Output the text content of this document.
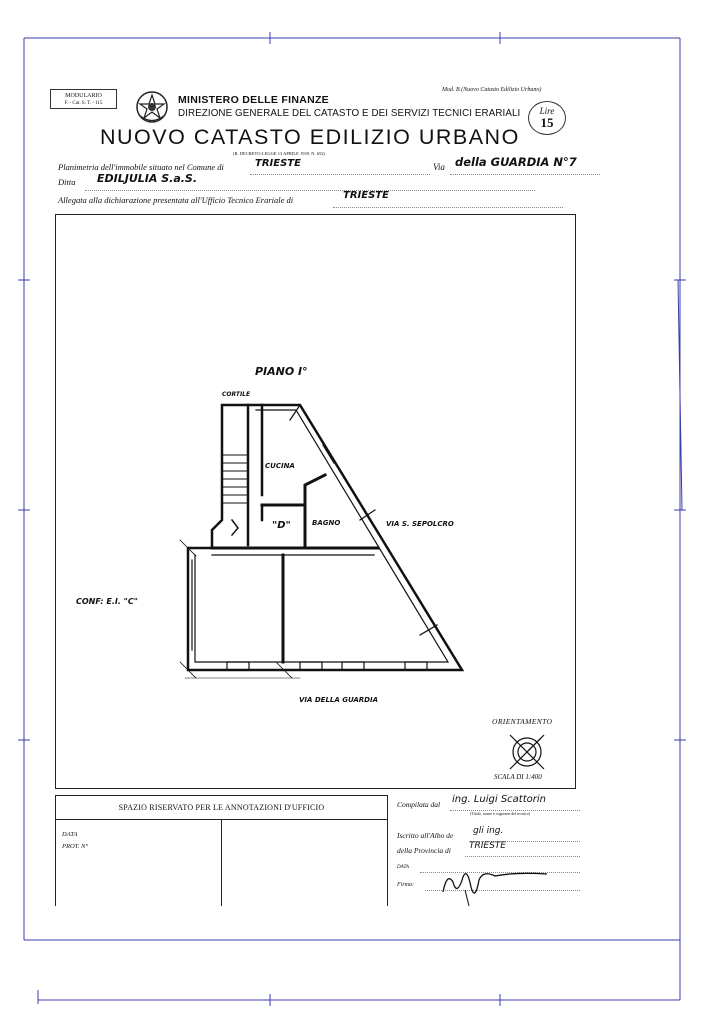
MODULARIO
F. - Cat. S. T. - 115	MINISTERO DELLE FINANZE
DIREZIONE GENERALE DEL CATASTO E DEI SERVIZI TECNICI ERARIALI
Mod. B (Nuovo Catasto Edilizio Urbano)
Lire
15
NUOVO CATASTO EDILIZIO URBANO
(R. DECRETO-LEGGE 13 APRILE 1939, N. 652)
Planimetria dell'immobile situato nel Comune di	TRIESTE	Via della GUARDIA N°7
Ditta EDILJULIA S.a.S.
Allegata alla dichiarazione presentata all'Ufficio Tecnico Erariale di	TRIESTE
PIANO I°
CORTILE
CUCINA
BAGNO
"D"	VIA S. SEPOLCRO
VIA DELLA GUARDIA
CONF: E.I. "C"
ORIENTAMENTO
SCALA DI 1:400
SPAZIO RISERVATO PER LE ANNOTAZIONI D'UFFICIO
DATA
PROT. N°
Compilata dal ing. Luigi Scattorin
(Titolo, nome e cognome del tecnico)
Iscritto all'Albo de gli ing.
della Provincia di TRIESTE
DATA
Firma:
